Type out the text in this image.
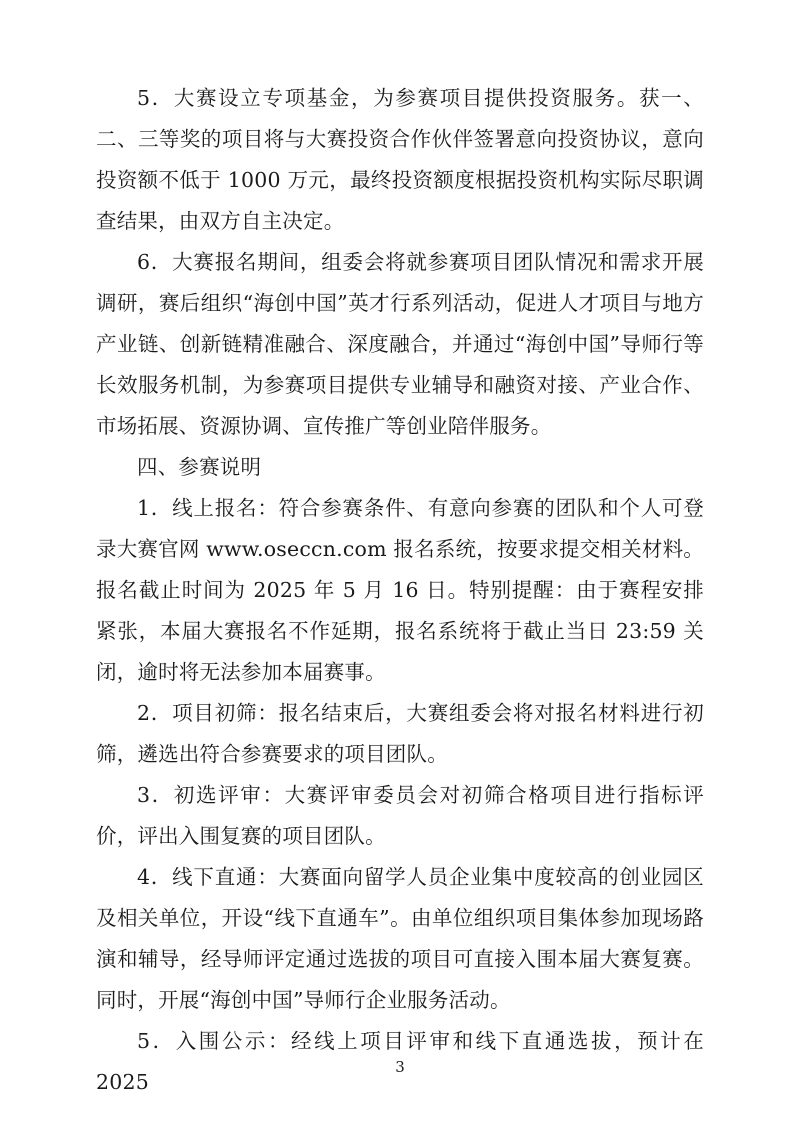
5．大赛设立专项基金，为参赛项目提供投资服务。获一、二、三等奖的项目将与大赛投资合作伙伴签署意向投资协议，意向投资额不低于 1000 万元，最终投资额度根据投资机构实际尽职调查结果，由双方自主决定。

6．大赛报名期间，组委会将就参赛项目团队情况和需求开展调研，赛后组织“海创中国”英才行系列活动，促进人才项目与地方产业链、创新链精准融合、深度融合，并通过“海创中国”导师行等长效服务机制，为参赛项目提供专业辅导和融资对接、产业合作、市场拓展、资源协调、宣传推广等创业陪伴服务。

四、参赛说明

1．线上报名：符合参赛条件、有意向参赛的团队和个人可登录大赛官网 www.oseccn.com 报名系统，按要求提交相关材料。报名截止时间为 2025 年 5 月 16 日。特别提醒：由于赛程安排紧张，本届大赛报名不作延期，报名系统将于截止当日 23:59 关闭，逾时将无法参加本届赛事。

2．项目初筛：报名结束后，大赛组委会将对报名材料进行初筛，遴选出符合参赛要求的项目团队。

3．初选评审：大赛评审委员会对初筛合格项目进行指标评价，评出入围复赛的项目团队。

4．线下直通：大赛面向留学人员企业集中度较高的创业园区及相关单位，开设“线下直通车”。由单位组织项目集体参加现场路演和辅导，经导师评定通过选拔的项目可直接入围本届大赛复赛。同时，开展“海创中国”导师行企业服务活动。

5．入围公示：经线上项目评审和线下直通选拔，预计在 2025

3
